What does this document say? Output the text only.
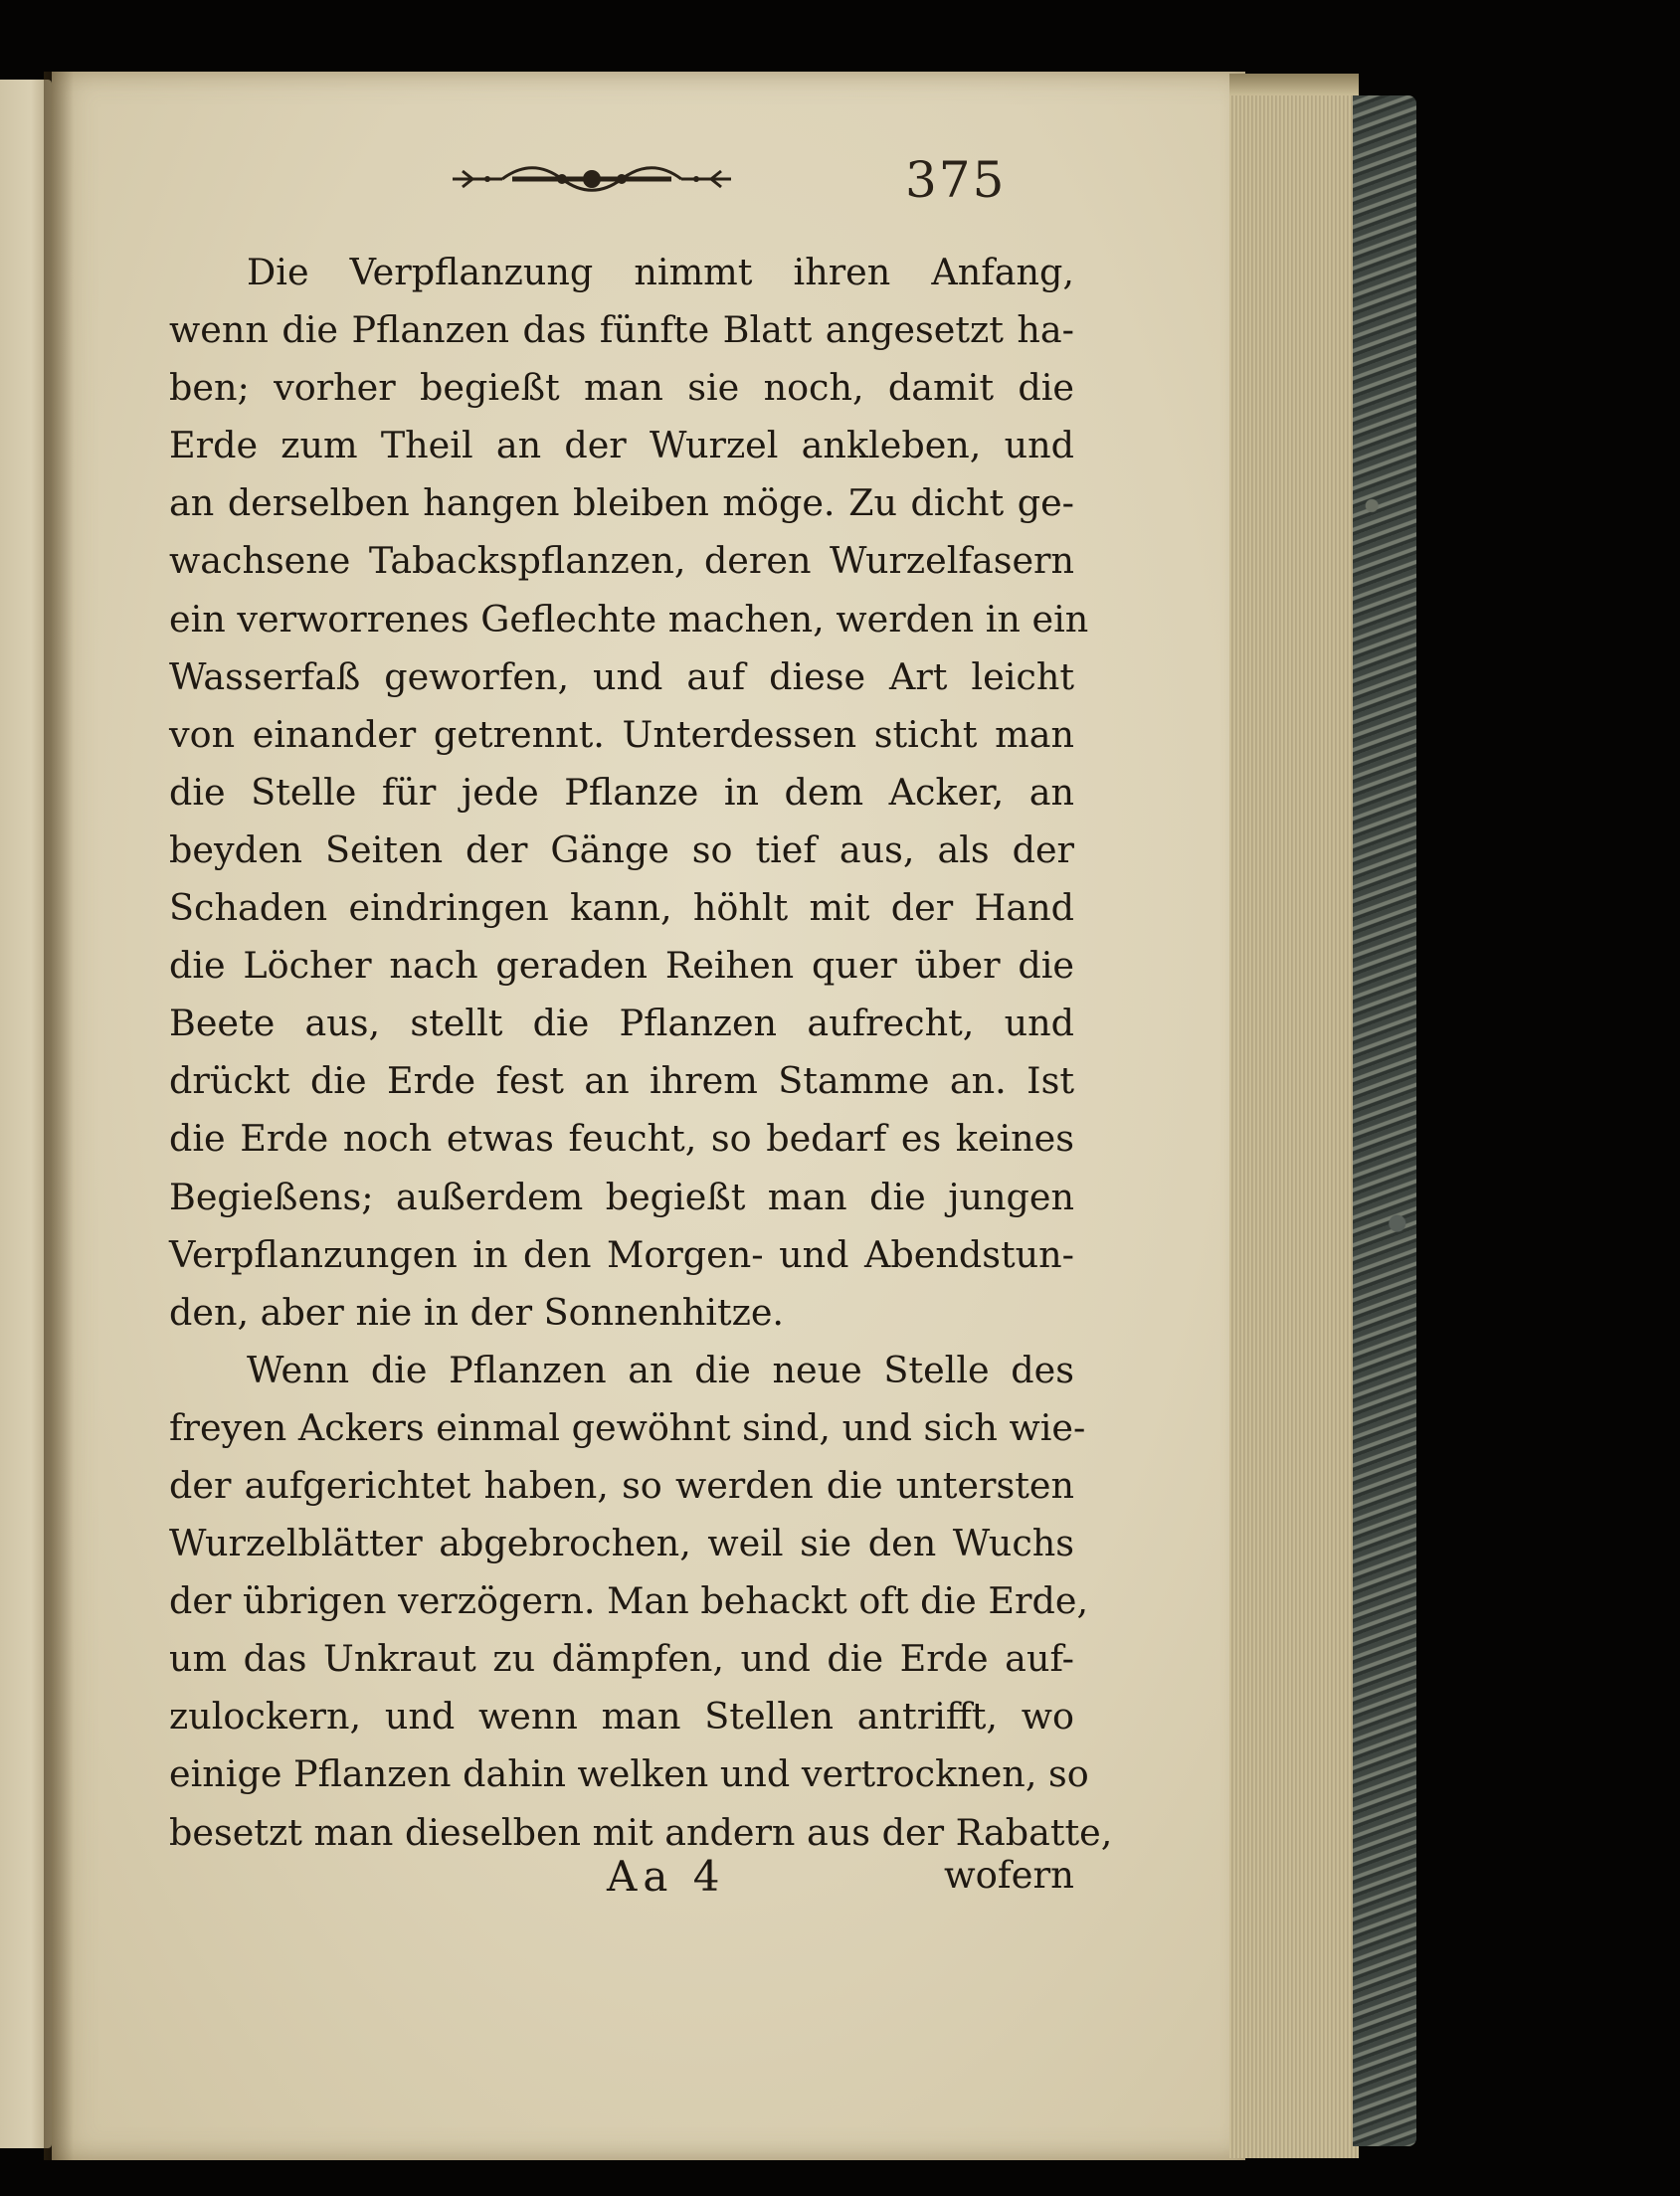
375
Die Verpflanzung nimmt ihren Anfang,
wenn die Pflanzen das fünfte Blatt angesetzt ha-
ben; vorher begießt man sie noch, damit die
Erde zum Theil an der Wurzel ankleben, und
an derselben hangen bleiben möge. Zu dicht ge-
wachsene Tabackspflanzen, deren Wurzelfasern
ein verworrenes Geflechte machen, werden in ein
Wasserfaß geworfen, und auf diese Art leicht
von einander getrennt. Unterdessen sticht man
die Stelle für jede Pflanze in dem Acker, an
beyden Seiten der Gänge so tief aus, als der
Schaden eindringen kann, höhlt mit der Hand
die Löcher nach geraden Reihen quer über die
Beete aus, stellt die Pflanzen aufrecht, und
drückt die Erde fest an ihrem Stamme an. Ist
die Erde noch etwas feucht, so bedarf es keines
Begießens; außerdem begießt man die jungen
Verpflanzungen in den Morgen- und Abendstun-
den, aber nie in der Sonnenhitze.
Wenn die Pflanzen an die neue Stelle des
freyen Ackers einmal gewöhnt sind, und sich wie-
der aufgerichtet haben, so werden die untersten
Wurzelblätter abgebrochen, weil sie den Wuchs
der übrigen verzögern. Man behackt oft die Erde,
um das Unkraut zu dämpfen, und die Erde auf-
zulockern, und wenn man Stellen antrifft, wo
einige Pflanzen dahin welken und vertrocknen, so
besetzt man dieselben mit andern aus der Rabatte,
Aa 4	wofern
